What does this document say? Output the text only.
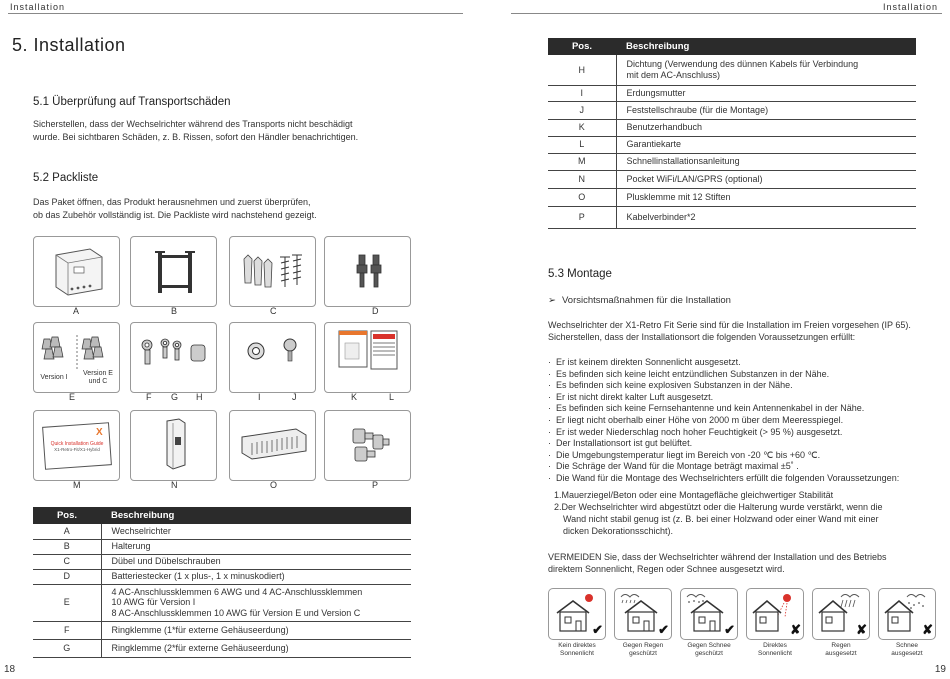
Installation
5. Installation
5.1 Überprüfung auf Transportschäden
Sicherstellen, dass der Wechselrichter während des Transports nicht beschädigt
wurde. Bei sichtbaren Schäden, z. B. Rissen, sofort den Händler benachrichtigen.
5.2 Packliste
Das Paket öffnen, das Produkt herausnehmen und zuerst überprüfen,
ob das Zubehör vollständig ist. Die Packliste wird nachstehend gezeigt.
A	B	C	D
Version I
Version E
und C
E	F G H	I	J	K	L
X
Quick Installation Guide
X1-Retro-Fit/X1-Hybrid
M	N	O	P
Pos.	Beschreibung
A	Wechselrichter
B	Halterung
C	Dübel und Dübelschrauben
D	Batteriestecker (1 x plus-, 1 x minuskodiert)
E	4 AC-Anschlussklemmen 6 AWG und 4 AC-Anschlussklemmen
10 AWG für Version I
8 AC-Anschlussklemmen 10 AWG für Version E und Version C

F	Ringklemme (1*für externe Gehäuseerdung)
G	Ringklemme (2*für externe Gehäuseerdung)
18
Installation
Pos.	Beschreibung
H	Dichtung (Verwendung des dünnen Kabels für Verbindung
mit dem AC-Anschluss)

I	Erdungsmutter
J	Feststellschraube (für die Montage)
K	Benutzerhandbuch
L	Garantiekarte
M	Schnellinstallationsanleitung
N	Pocket WiFi/LAN/GPRS (optional)
O	Plusklemme mit 12 Stiften
P	Kabelverbinder*2
5.3 Montage
➢ Vorsichtsmaßnahmen für die Installation
Wechselrichter der X1-Retro Fit Serie sind für die Installation im Freien vorgesehen (IP 65).
Sicherstellen, dass der Installationsort die folgenden Voraussetzungen erfüllt:
· Er ist keinem direkten Sonnenlicht ausgesetzt.
· Es befinden sich keine leicht entzündlichen Substanzen in der Nähe.
· Es befinden sich keine explosiven Substanzen in der Nähe.
· Er ist nicht direkt kalter Luft ausgesetzt.
· Es befinden sich keine Fernsehantenne und kein Antennenkabel in der Nähe.
· Er liegt nicht oberhalb einer Höhe von 2000 m über dem Meeresspiegel.
· Er ist weder Niederschlag noch hoher Feuchtigkeit (> 95 %) ausgesetzt.
· Der Installationsort ist gut belüftet.
· Die Umgebungstemperatur liegt im Bereich von -20 ℃ bis +60 ℃.
· Die Schräge der Wand für die Montage beträgt maximal ±5˚ .
· Die Wand für die Montage des Wechselrichters erfüllt die folgenden Voraussetzungen:
1.Mauerziegel/Beton oder eine Montagefläche gleichwertiger Stabilität
2.Der Wechselrichter wird abgestützt oder die Halterung wurde verstärkt, wenn die
Wand nicht stabil genug ist (z. B. bei einer Holzwand oder einer Wand mit einer
dicken Dekorationsschicht).
VERMEIDEN Sie, dass der Wechselrichter während der Installation und des Betriebs
direktem Sonnenlicht, Regen oder Schnee ausgesetzt wird.
✔
Kein direktes
Sonnenlicht
✔
Gegen Regen
geschützt
✔
Gegen Schnee
geschützt
✘
Direktes
Sonnenlicht
✘
Regen
ausgesetzt
✘
Schnee
ausgesetzt
19
